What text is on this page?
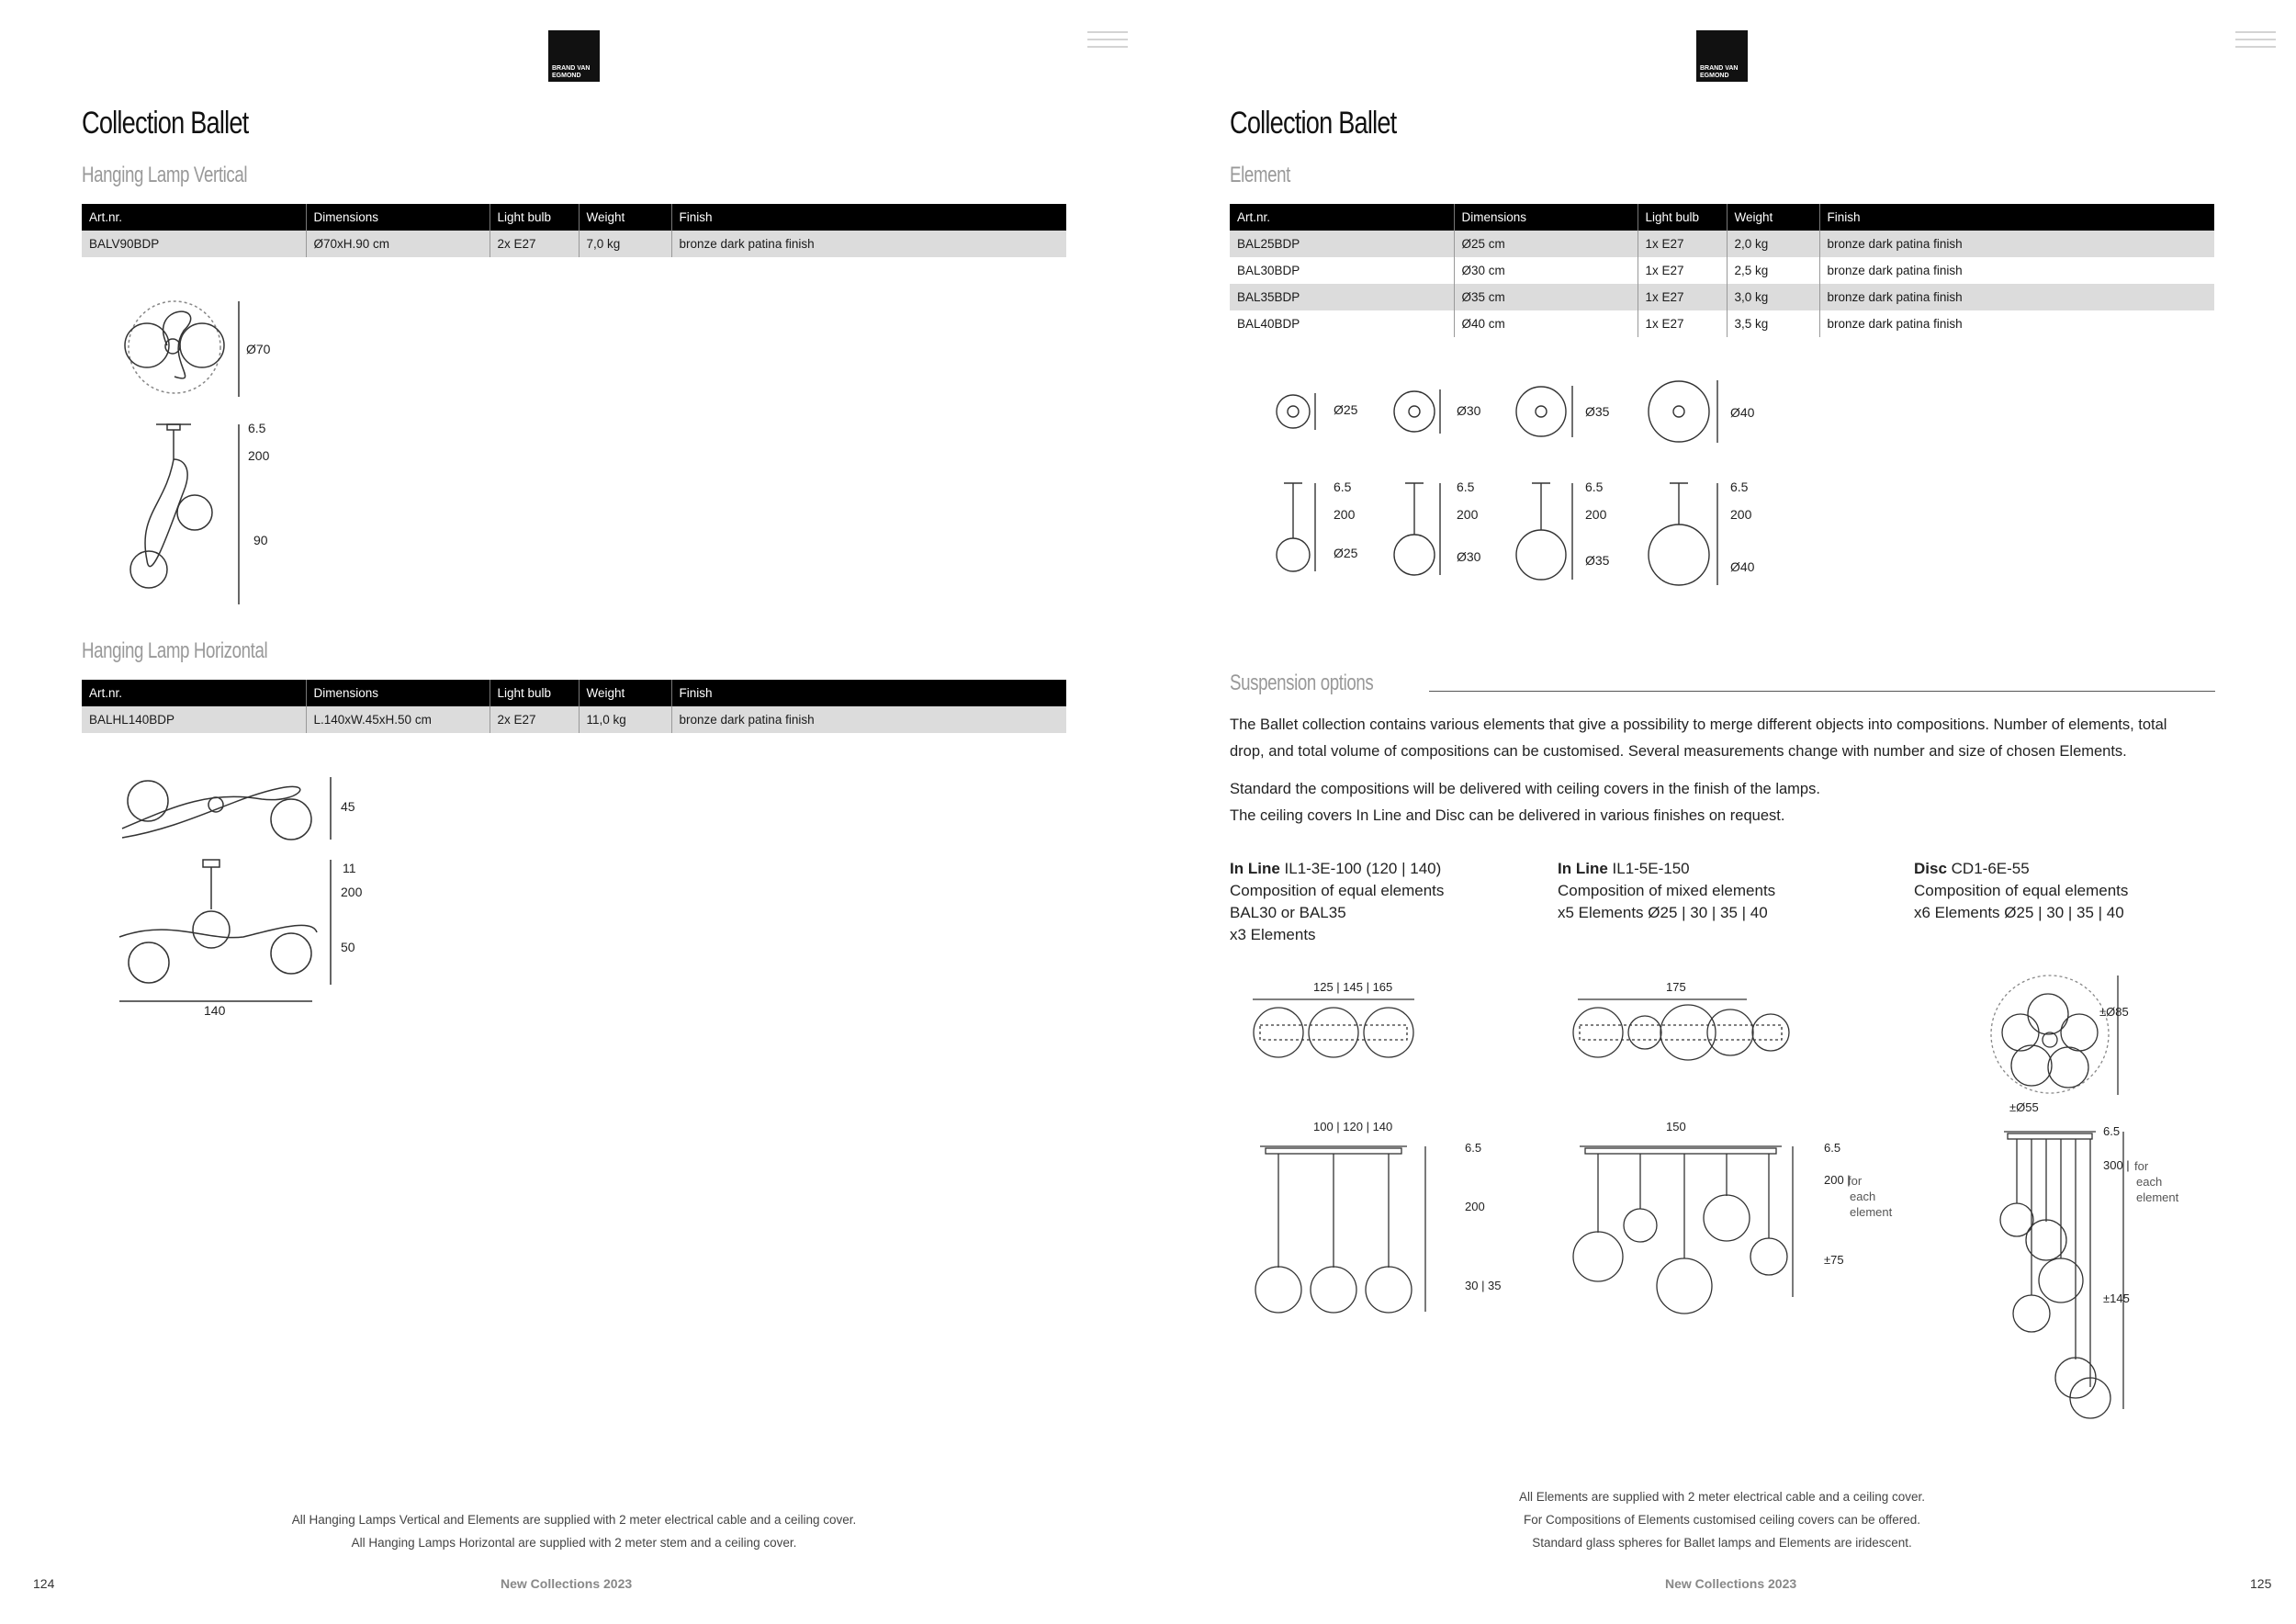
BRAND VAN
EGMOND
Collection Ballet
Hanging Lamp Vertical
Art.nr.	Dimensions	Light bulb	Weight	Finish
BALV90BDP	Ø70xH.90 cm	2x E27	7,0 kg	bronze dark patina finish
Ø70
6.5
200
90
Hanging Lamp Horizontal
Art.nr.	Dimensions	Light bulb	Weight	Finish
BALHL140BDP	L.140xW.45xH.50 cm	2x E27	11,0 kg	bronze dark patina finish
45
11
200
50
140
All Hanging Lamps Vertical and Elements are supplied with 2 meter electrical cable and a ceiling cover.
All Hanging Lamps Horizontal are supplied with 2 meter stem and a ceiling cover.
124	New Collections 2023
BRAND VAN
EGMOND
Collection Ballet
Element
Art.nr.	Dimensions	Light bulb	Weight	Finish
BAL25BDP	Ø25 cm	1x E27	2,0 kg	bronze dark patina finish
BAL30BDP	Ø30 cm	1x E27	2,5 kg	bronze dark patina finish
BAL35BDP	Ø35 cm	1x E27	3,0 kg	bronze dark patina finish
BAL40BDP	Ø40 cm	1x E27	3,5 kg	bronze dark patina finish
Ø25	Ø30	Ø35	Ø40
6.5
200
Ø25
6.5
200
Ø30
6.5
200
Ø35
6.5
200
Ø40
Suspension options
The Ballet collection contains various elements that give a possibility to merge different objects into compositions. Number of elements, total
drop, and total volume of compositions can be customised. Several measurements change with number and size of chosen Elements.
Standard the compositions will be delivered with ceiling covers in the finish of the lamps.
The ceiling covers In Line and Disc can be delivered in various finishes on request.
In Line IL1-3E-100 (120 | 140)
Composition of equal elements
BAL30 or BAL35
x3 Elements
In Line IL1-5E-150
Composition of mixed elements
x5 Elements Ø25 | 30 | 35 | 40
Disc CD1-6E-55
Composition of equal elements
x6 Elements Ø25 | 30 | 35 | 40
125 | 145 | 165
100 | 120 | 140
6.5
200
30 | 35
175
150
6.5
200 |
for
each
element
±75
±Ø85
±Ø55
6.5
300 | for
each
element
±145
All Elements are supplied with 2 meter electrical cable and a ceiling cover.
For Compositions of Elements customised ceiling covers can be offered.
Standard glass spheres for Ballet lamps and Elements are iridescent.
New Collections 2023	125
